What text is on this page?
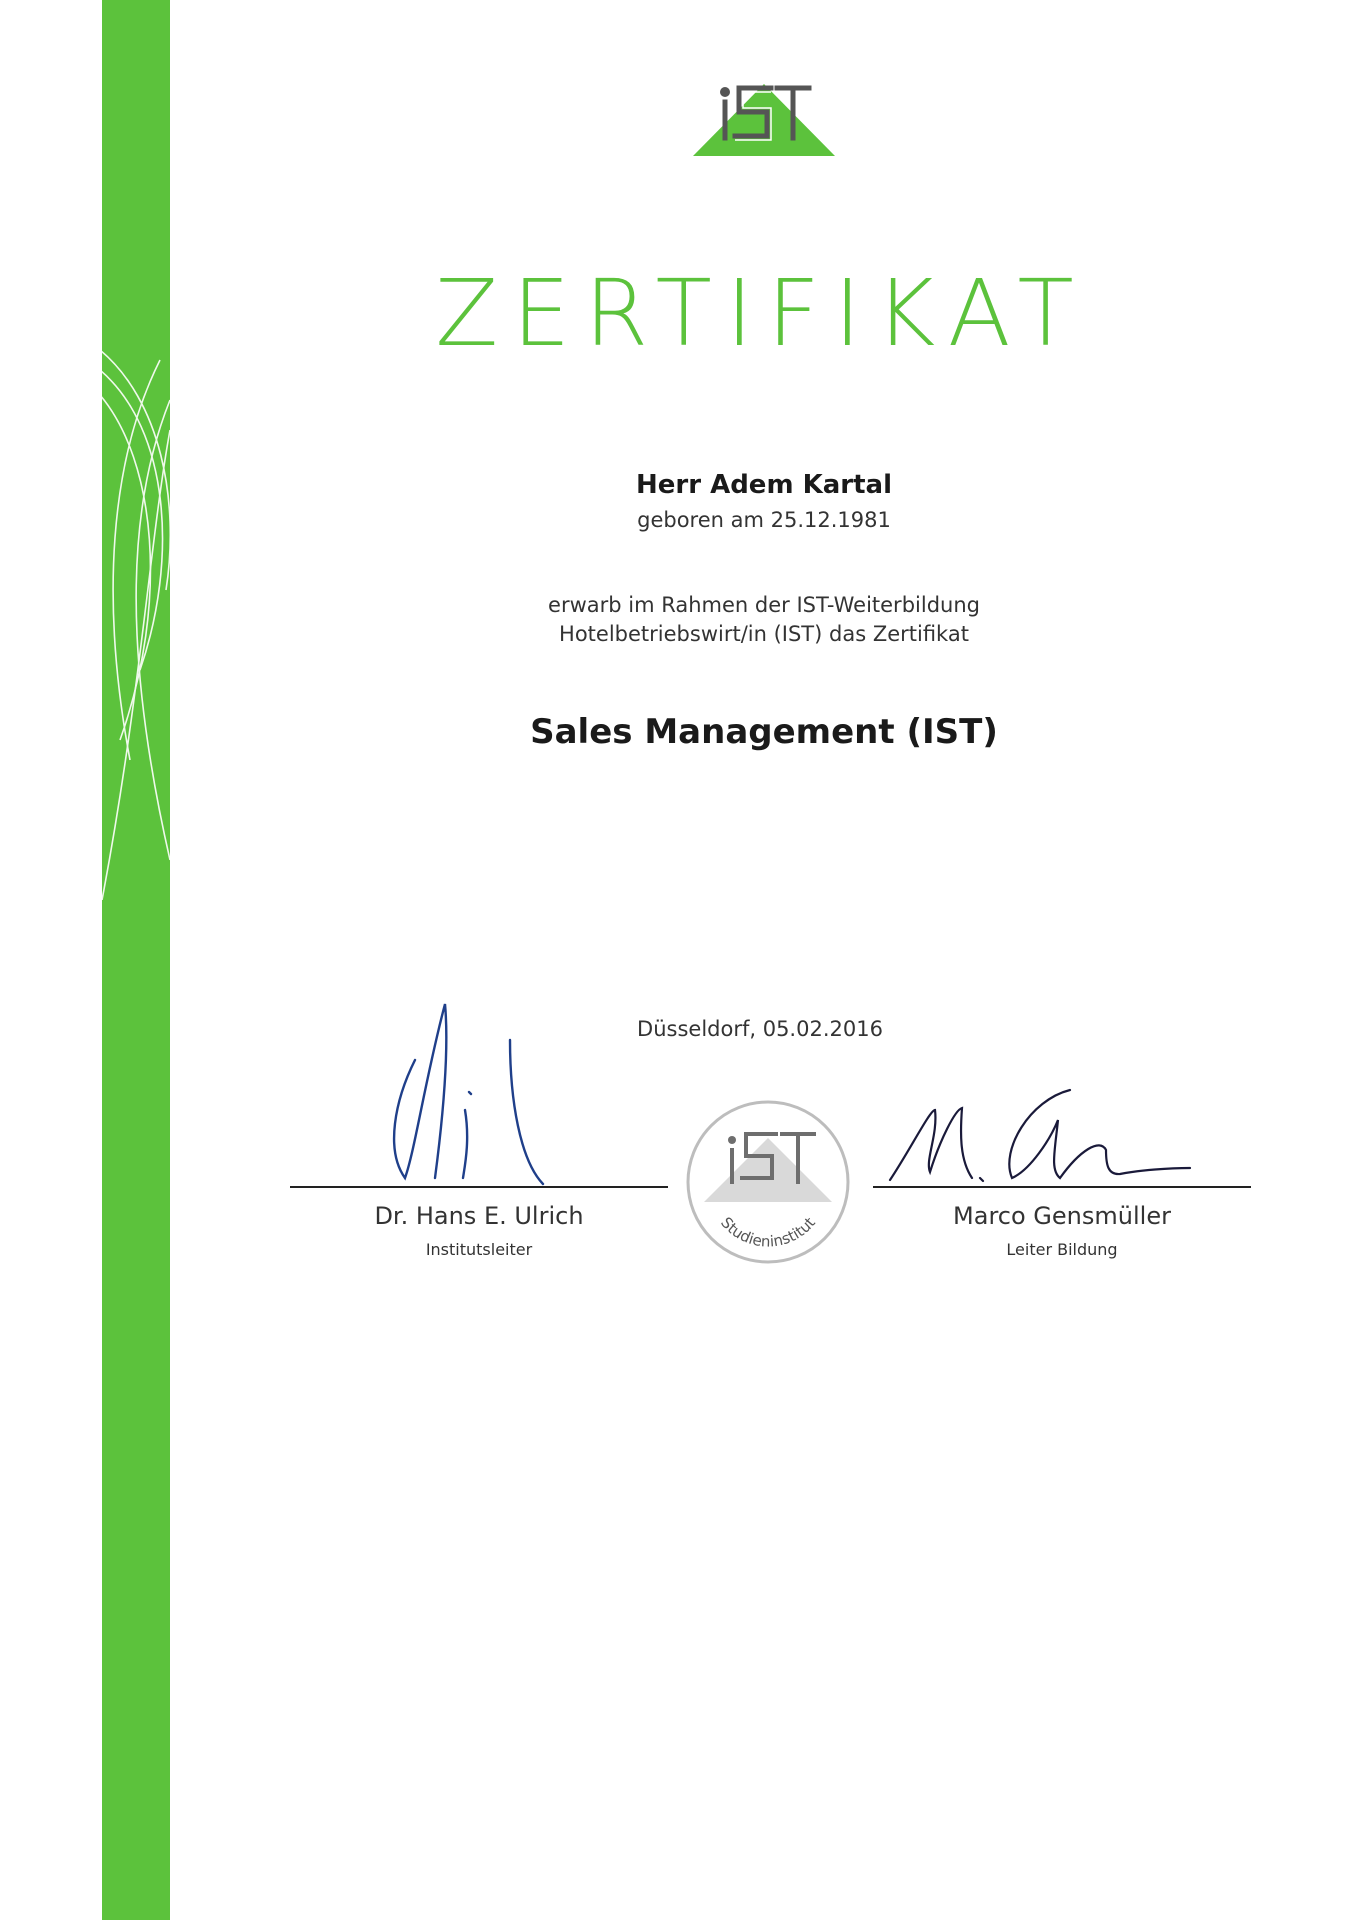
ZERTIFIKAT
Herr Adem Kartal
geboren am 25.12.1981
erwarb im Rahmen der IST-Weiterbildung
Hotelbetriebswirt/in (IST) das Zertifikat
Sales Management (IST)
Düsseldorf, 05.02.2016
Dr. Hans E. Ulrich
Institutsleiter
Marco Gensmüller
Leiter Bildung
Studieninstitut
